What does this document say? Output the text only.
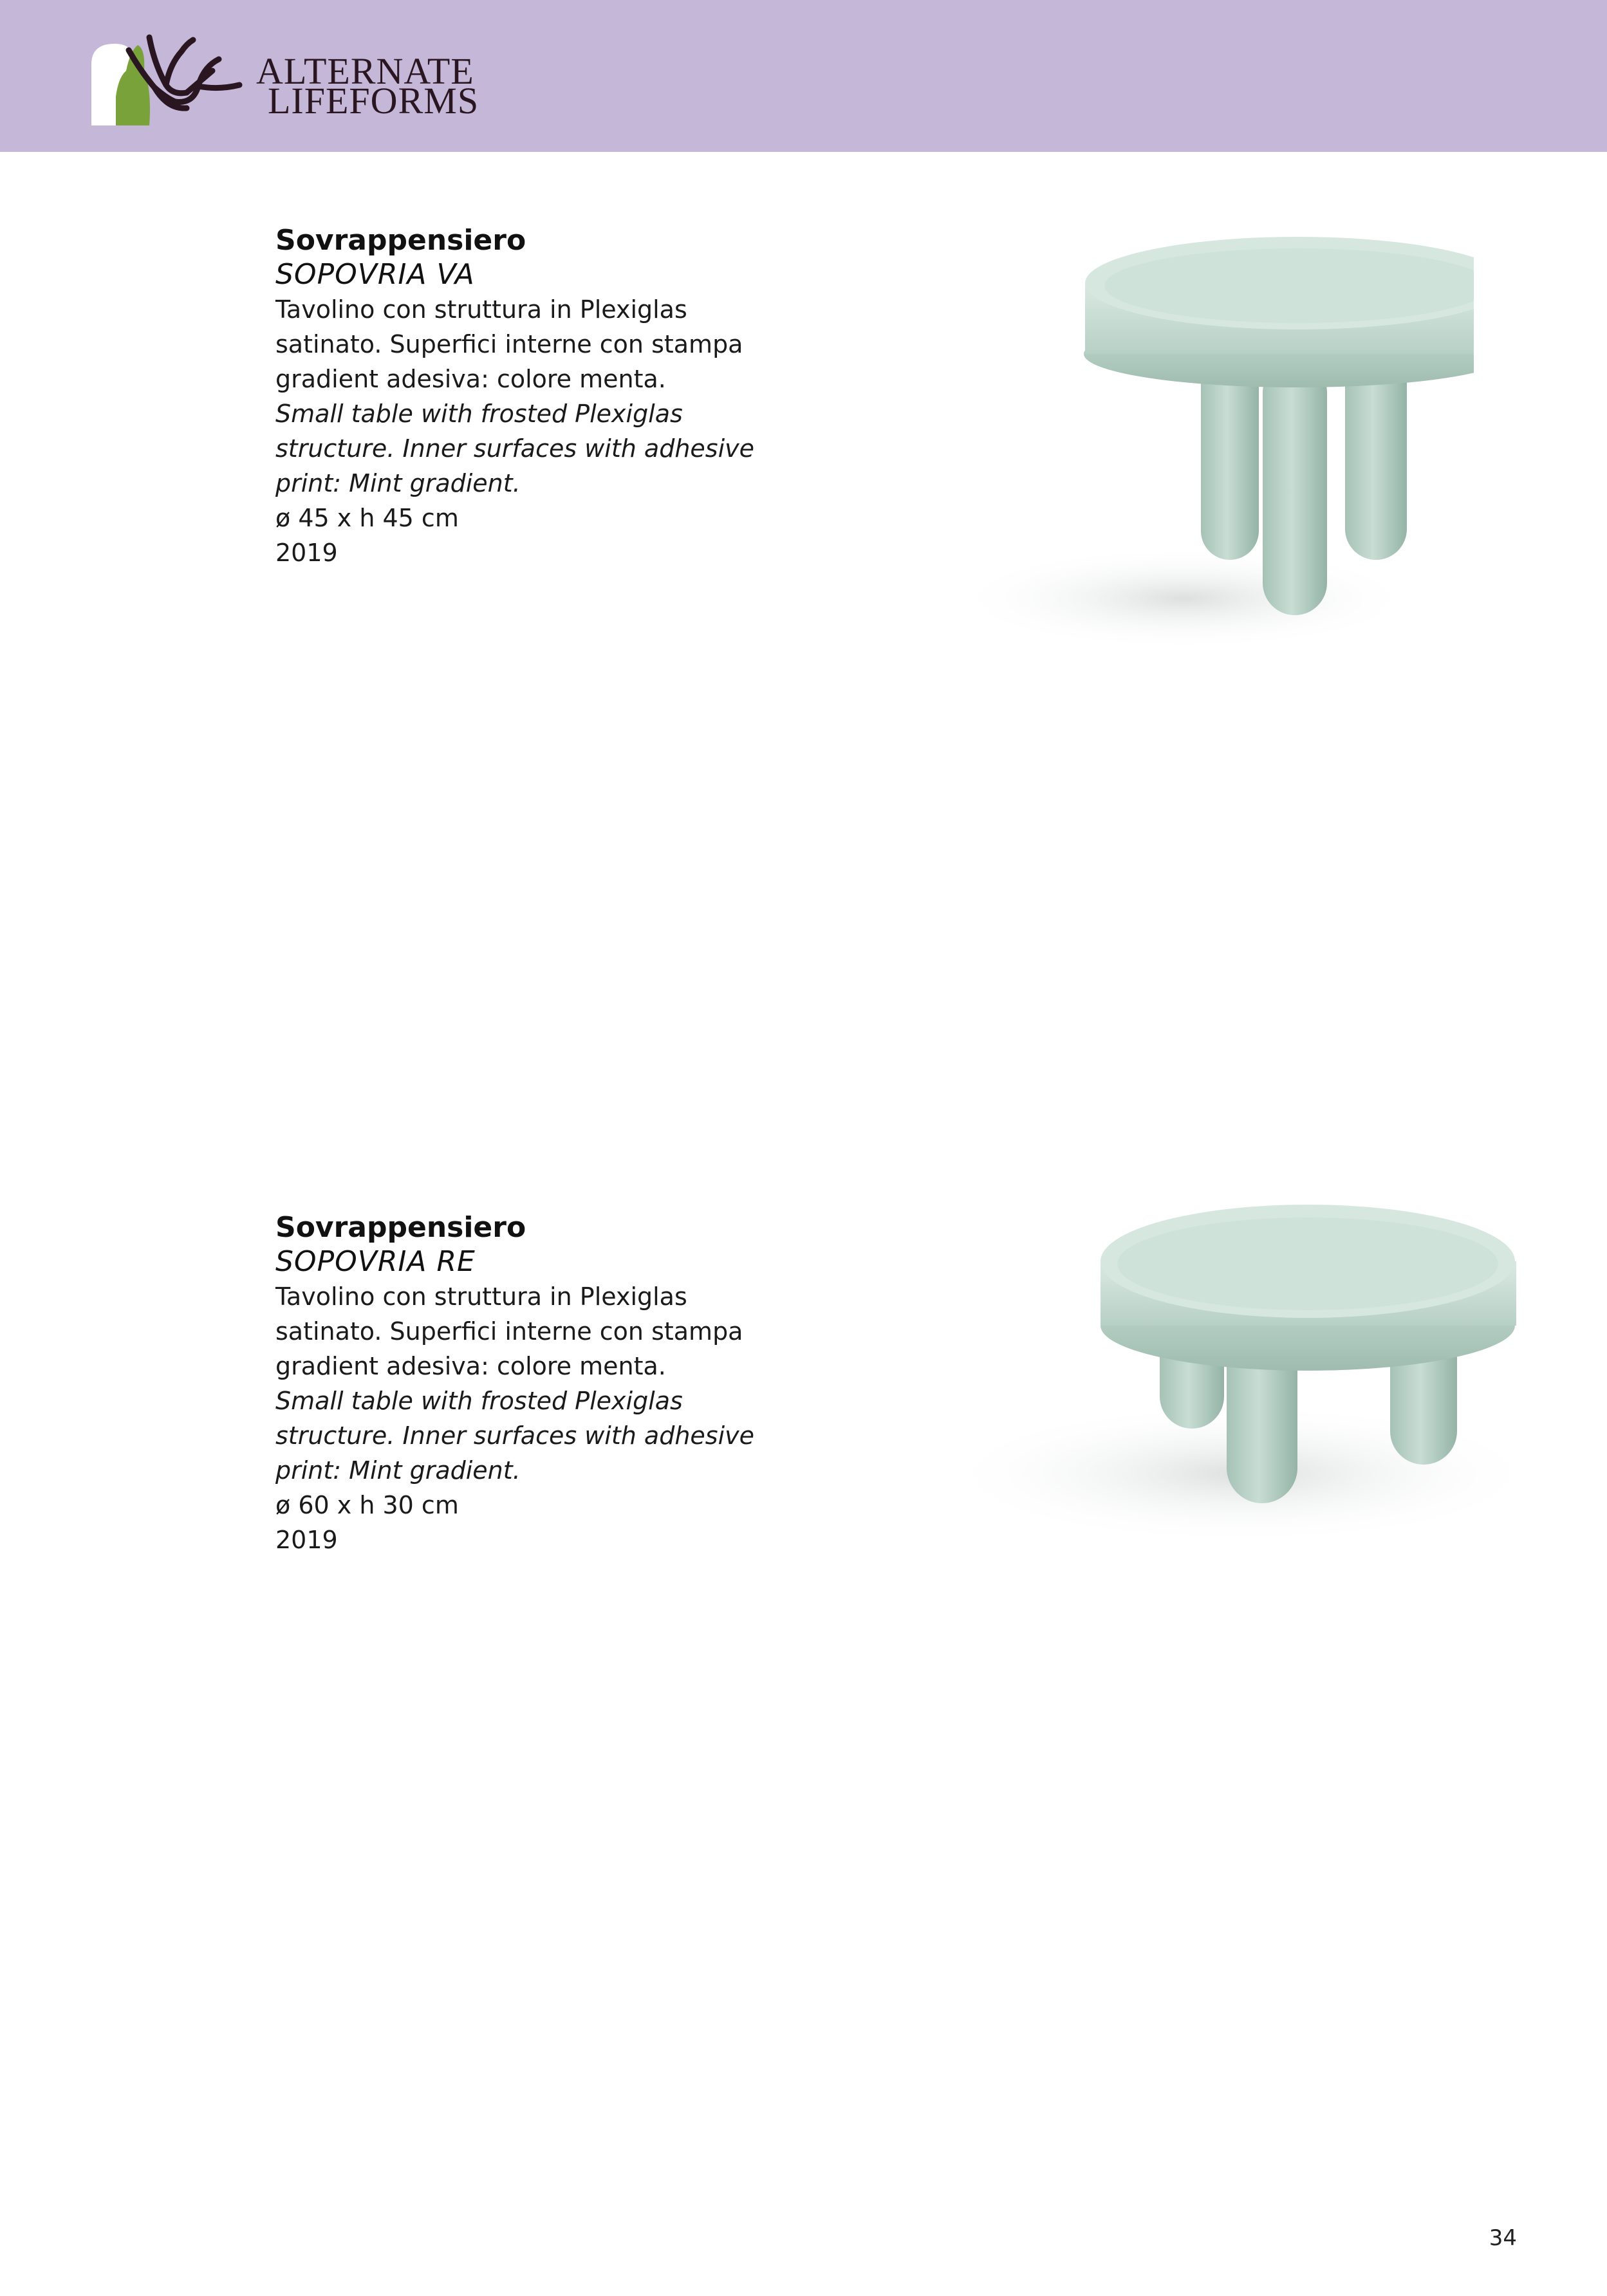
ALTERNATE
LIFEFORMS
Sovrappensiero
SOPOVRIA VA
Tavolino con struttura in Plexiglas
satinato. Superfici interne con stampa
gradient adesiva: colore menta.
Small table with frosted Plexiglas
structure. Inner surfaces with adhesive
print: Mint gradient.
ø 45 x h 45 cm
2019
Sovrappensiero
SOPOVRIA RE
Tavolino con struttura in Plexiglas
satinato. Superfici interne con stampa
gradient adesiva: colore menta.
Small table with frosted Plexiglas
structure. Inner surfaces with adhesive
print: Mint gradient.
ø 60 x h 30 cm
2019
34
